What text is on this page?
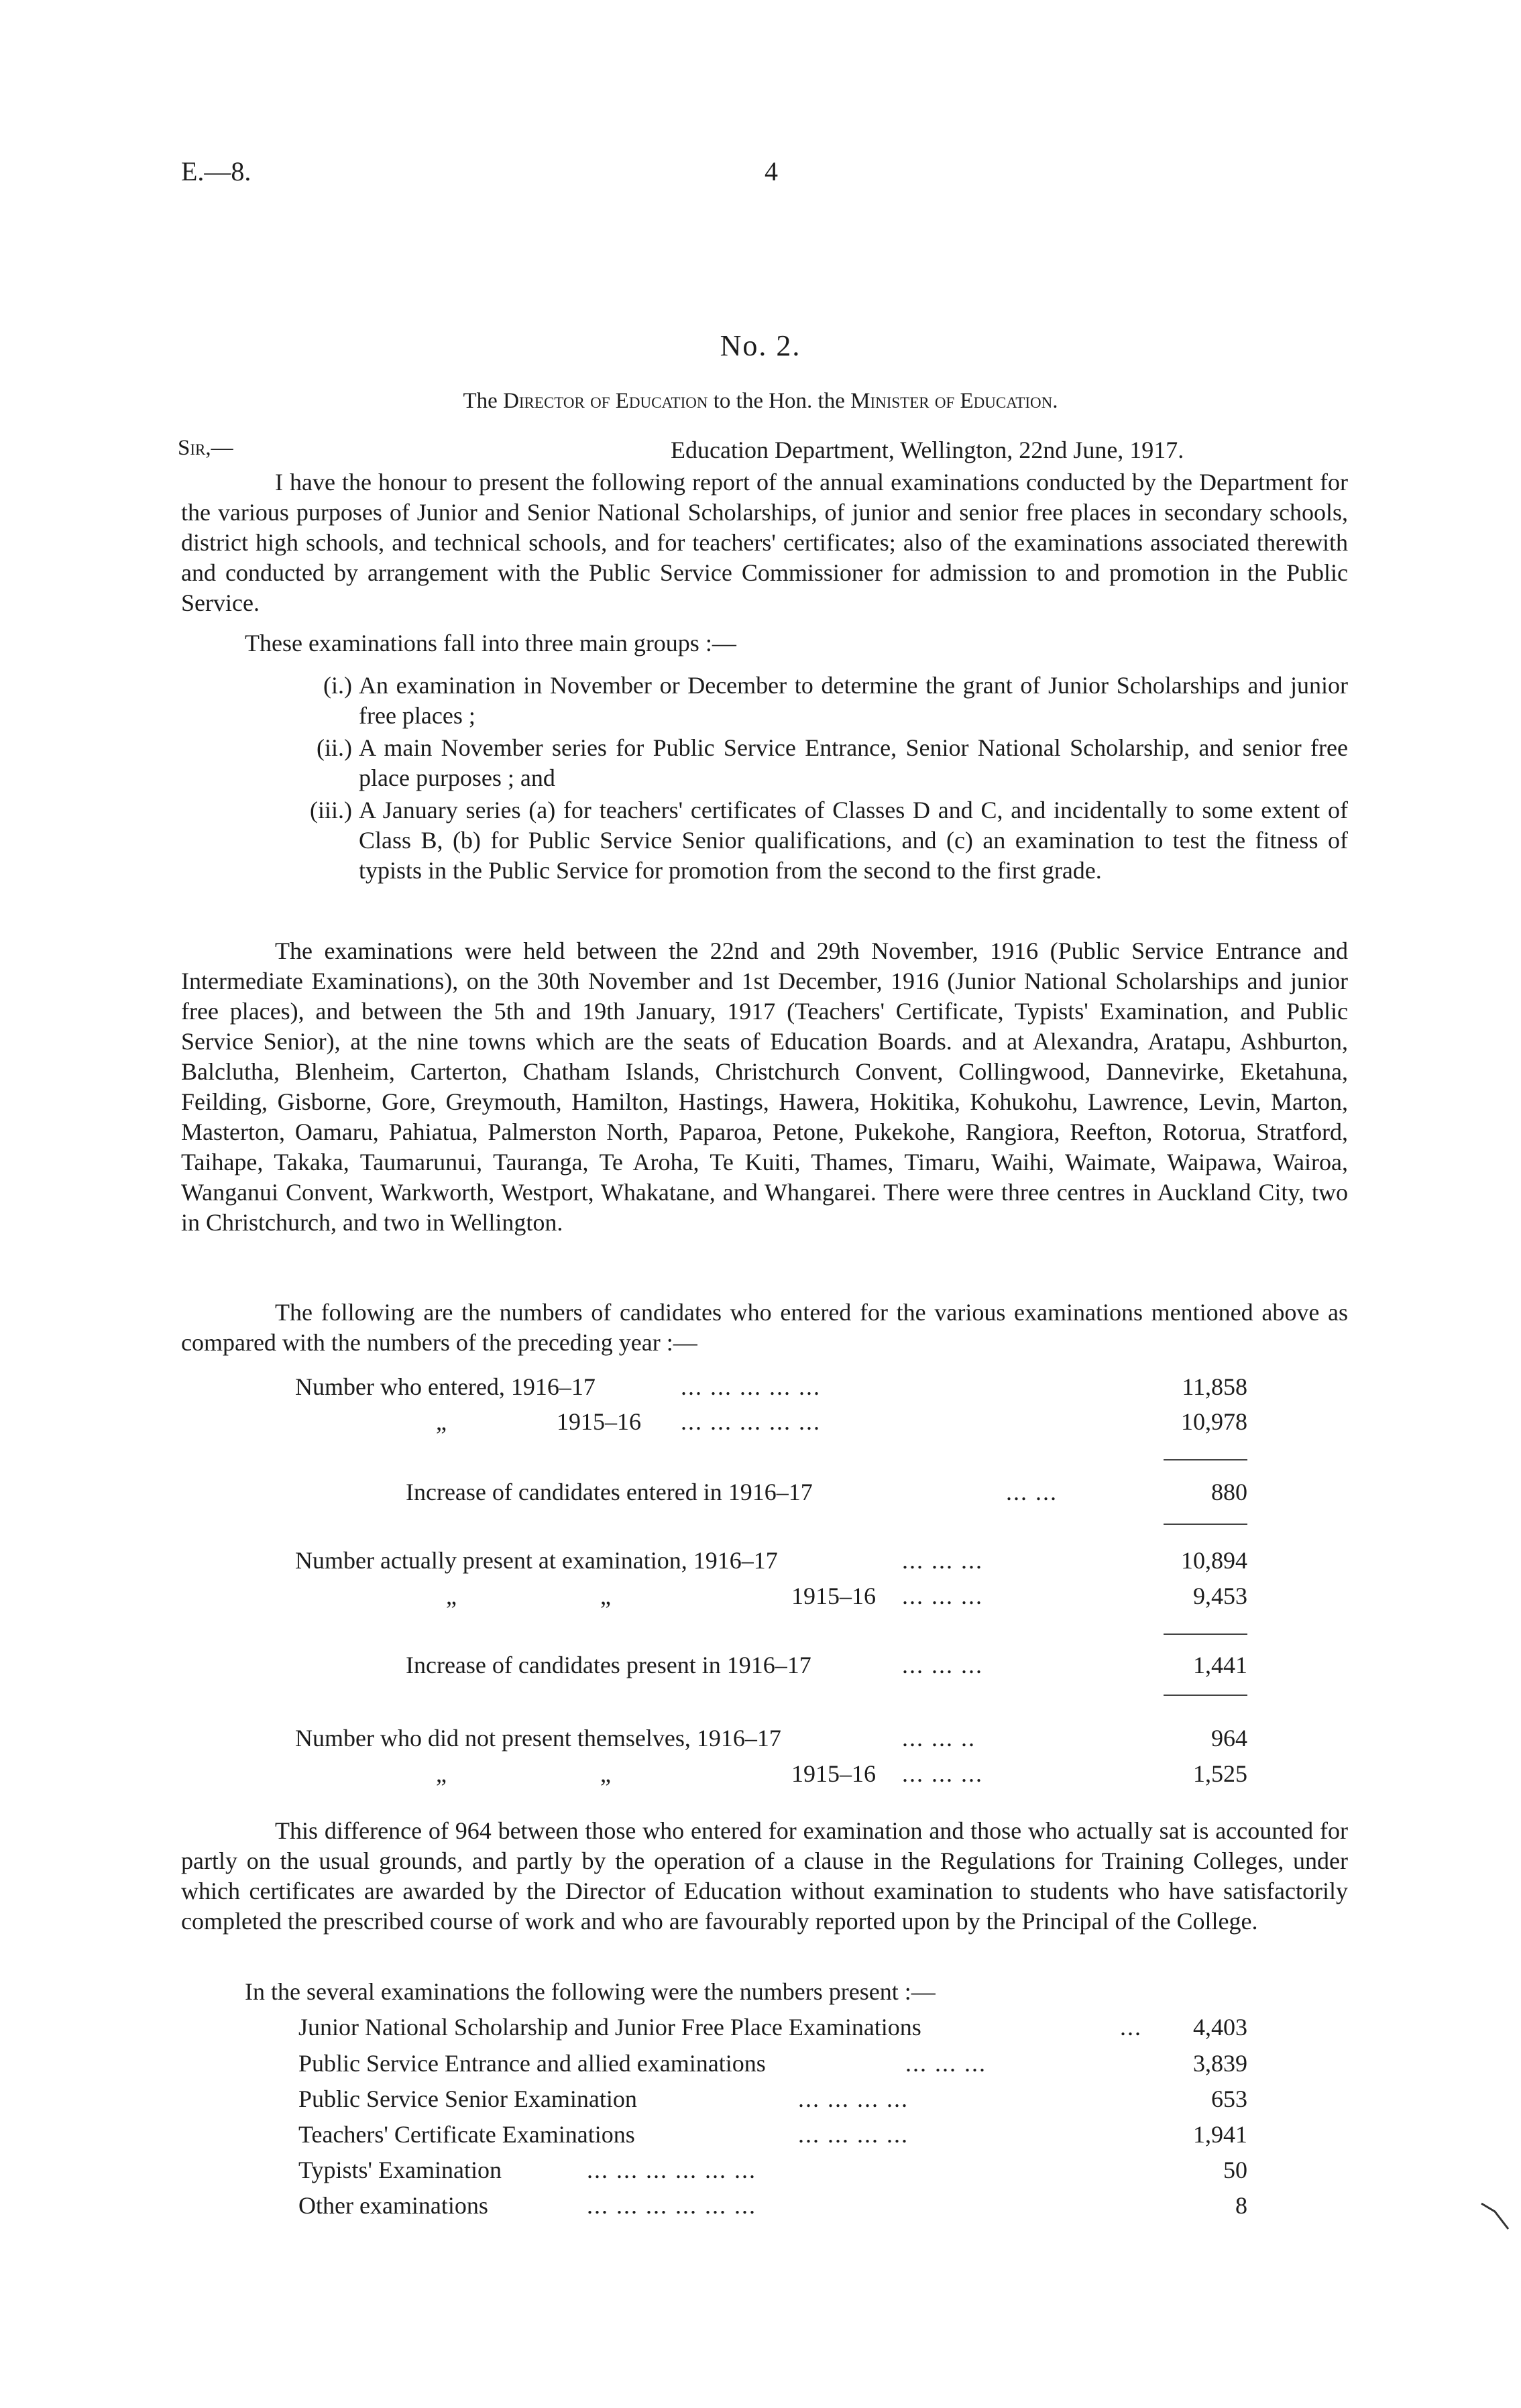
E.—8.	4
No. 2.
The Director of Education to the Hon. the Minister of Education.
Sir,—	Education Department, Wellington, 22nd June, 1917.
I have the honour to present the following report of the annual examinations conducted by the Department for the various purposes of Junior and Senior National Scholarships, of junior and senior free places in secondary schools, district high schools, and technical schools, and for teachers' certificates; also of the examinations associated therewith and conducted by arrangement with the Public Service Commissioner for admission to and promotion in the Public Service.
These examinations fall into three main groups :—
(i.) An examination in November or December to determine the grant of Junior Scholarships and junior free places ;
(ii.) A main November series for Public Service Entrance, Senior National Scholarship, and senior free place purposes ; and
(iii.) A January series (a) for teachers' certificates of Classes D and C, and incidentally to some extent of Class B, (b) for Public Service Senior qualifications, and (c) an examination to test the fitness of typists in the Public Service for promotion from the second to the first grade.
The examinations were held between the 22nd and 29th November, 1916 (Public Service Entrance and Intermediate Examinations), on the 30th November and 1st December, 1916 (Junior National Scholarships and junior free places), and between the 5th and 19th January, 1917 (Teachers' Certificate, Typists' Examination, and Public Service Senior), at the nine towns which are the seats of Education Boards. and at Alexandra, Aratapu, Ashburton, Balclutha, Blenheim, Carterton, Chatham Islands, Christchurch Convent, Collingwood, Dannevirke, Eketahuna, Feilding, Gisborne, Gore, Greymouth, Hamilton, Hastings, Hawera, Hokitika, Kohukohu, Lawrence, Levin, Marton, Masterton, Oamaru, Pahiatua, Palmerston North, Paparoa, Petone, Pukekohe, Rangiora, Reefton, Rotorua, Stratford, Taihape, Takaka, Taumarunui, Tauranga, Te Aroha, Te Kuiti, Thames, Timaru, Waihi, Waimate, Waipawa, Wairoa, Wanganui Convent, Warkworth, Westport, Whakatane, and Whangarei. There were three centres in Auckland City, two in Christchurch, and two in Wellington.
The following are the numbers of candidates who entered for the various examinations mentioned above as compared with the numbers of the preceding year :—
Number who entered, 1916–17	... ... ... ... ...	11,858
„	1915–16 ... ... ... ... ...	10,978
Increase of candidates entered in 1916–17	... ...	880
Number actually present at examination, 1916–17	... ... ...	10,894
„	„	1915–16 ... ... ...	9,453
Increase of candidates present in 1916–17	... ... ...	1,441
Number who did not present themselves, 1916–17	... ... ..	964
„	„	1915–16 ... ... ...	1,525
This difference of 964 between those who entered for examination and those who actually sat is accounted for partly on the usual grounds, and partly by the operation of a clause in the Regulations for Training Colleges, under which certificates are awarded by the Director of Education without examination to students who have satisfactorily completed the prescribed course of work and who are favourably reported upon by the Principal of the College.
In the several examinations the following were the numbers present :—
Junior National Scholarship and Junior Free Place Examinations	... 4,403
Public Service Entrance and allied examinations	... ... ...	3,839
Public Service Senior Examination	... ... ... ...	653
Teachers' Certificate Examinations	... ... ... ...	1,941
Typists' Examination	... ... ... ... ... ...	50
Other examinations	... ... ... ... ... ...	8
